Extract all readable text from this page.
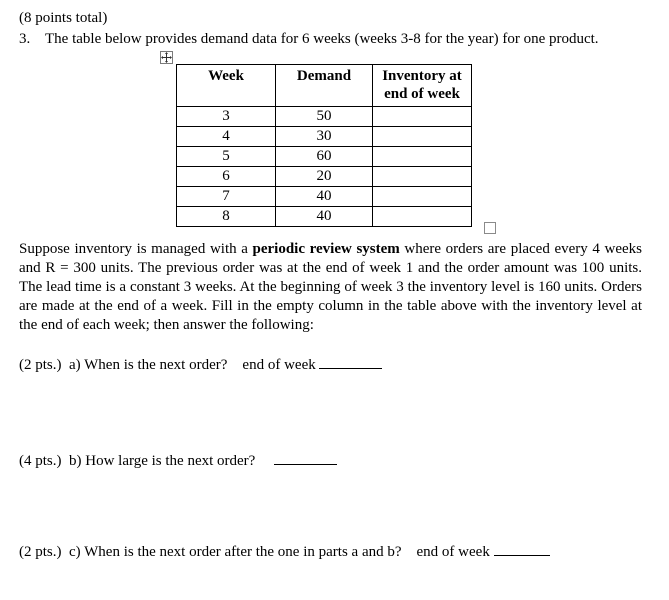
(8 points total)
3. The table below provides demand data for 6 weeks (weeks 3-8 for the year) for one product.
Week	Demand	Inventory at
end of week
3	50	
4	30	
5	60	
6	20	
7	40	
8	40	
Suppose inventory is managed with a periodic review system where orders are placed every 4 weeks and R = 300 units. The previous order was at the end of week 1 and the order amount was 100 units. The lead time is a constant 3 weeks. At the beginning of week 3 the inventory level is 160 units. Orders are made at the end of a week. Fill in the empty column in the table above with the inventory level at the end of each week; then answer the following:
(2 pts.) a) When is the next order? end of week
(4 pts.) b) How large is the next order?
(2 pts.) c) When is the next order after the one in parts a and b? end of week
